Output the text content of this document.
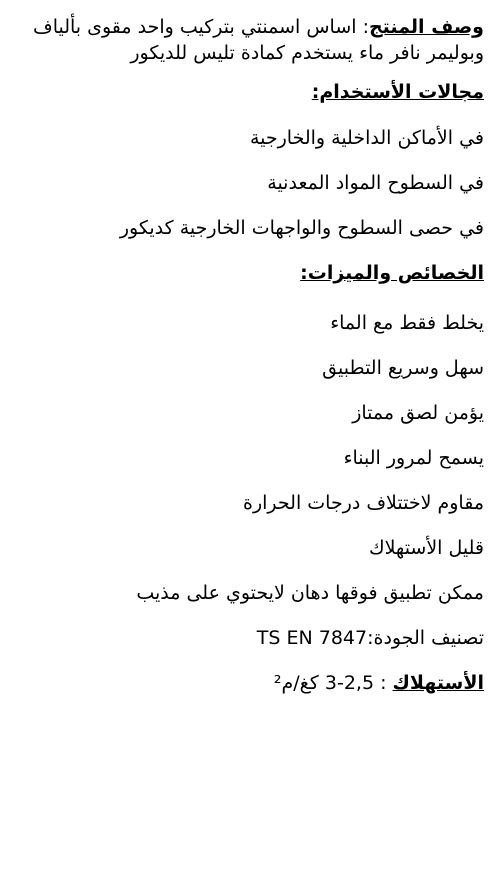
وصف المنتج: اساس اسمنتي بتركيب واحد مقوى بألياف
وبوليمر نافر ماء يستخدم كمادة تليس للديكور

مجالات الأستخدام:
في الأماكن الداخلية والخارجية
في السطوح المواد المعدنية
في حصى السطوح والواجهات الخارجية كديكور
الخصائص والميزات:
يخلط فقط مع الماء
سهل وسريع التطبيق
يؤمن لصق ممتاز
يسمح لمرور البناء
مقاوم لاختتلاف درجات الحرارة
قليل الأستهلاك
ممكن تطبيق فوقها دهان لايحتوي على مذيب
تصنيف الجودة:TS EN 7847
الأستهلاك : 2,5-3 كغ/م²
